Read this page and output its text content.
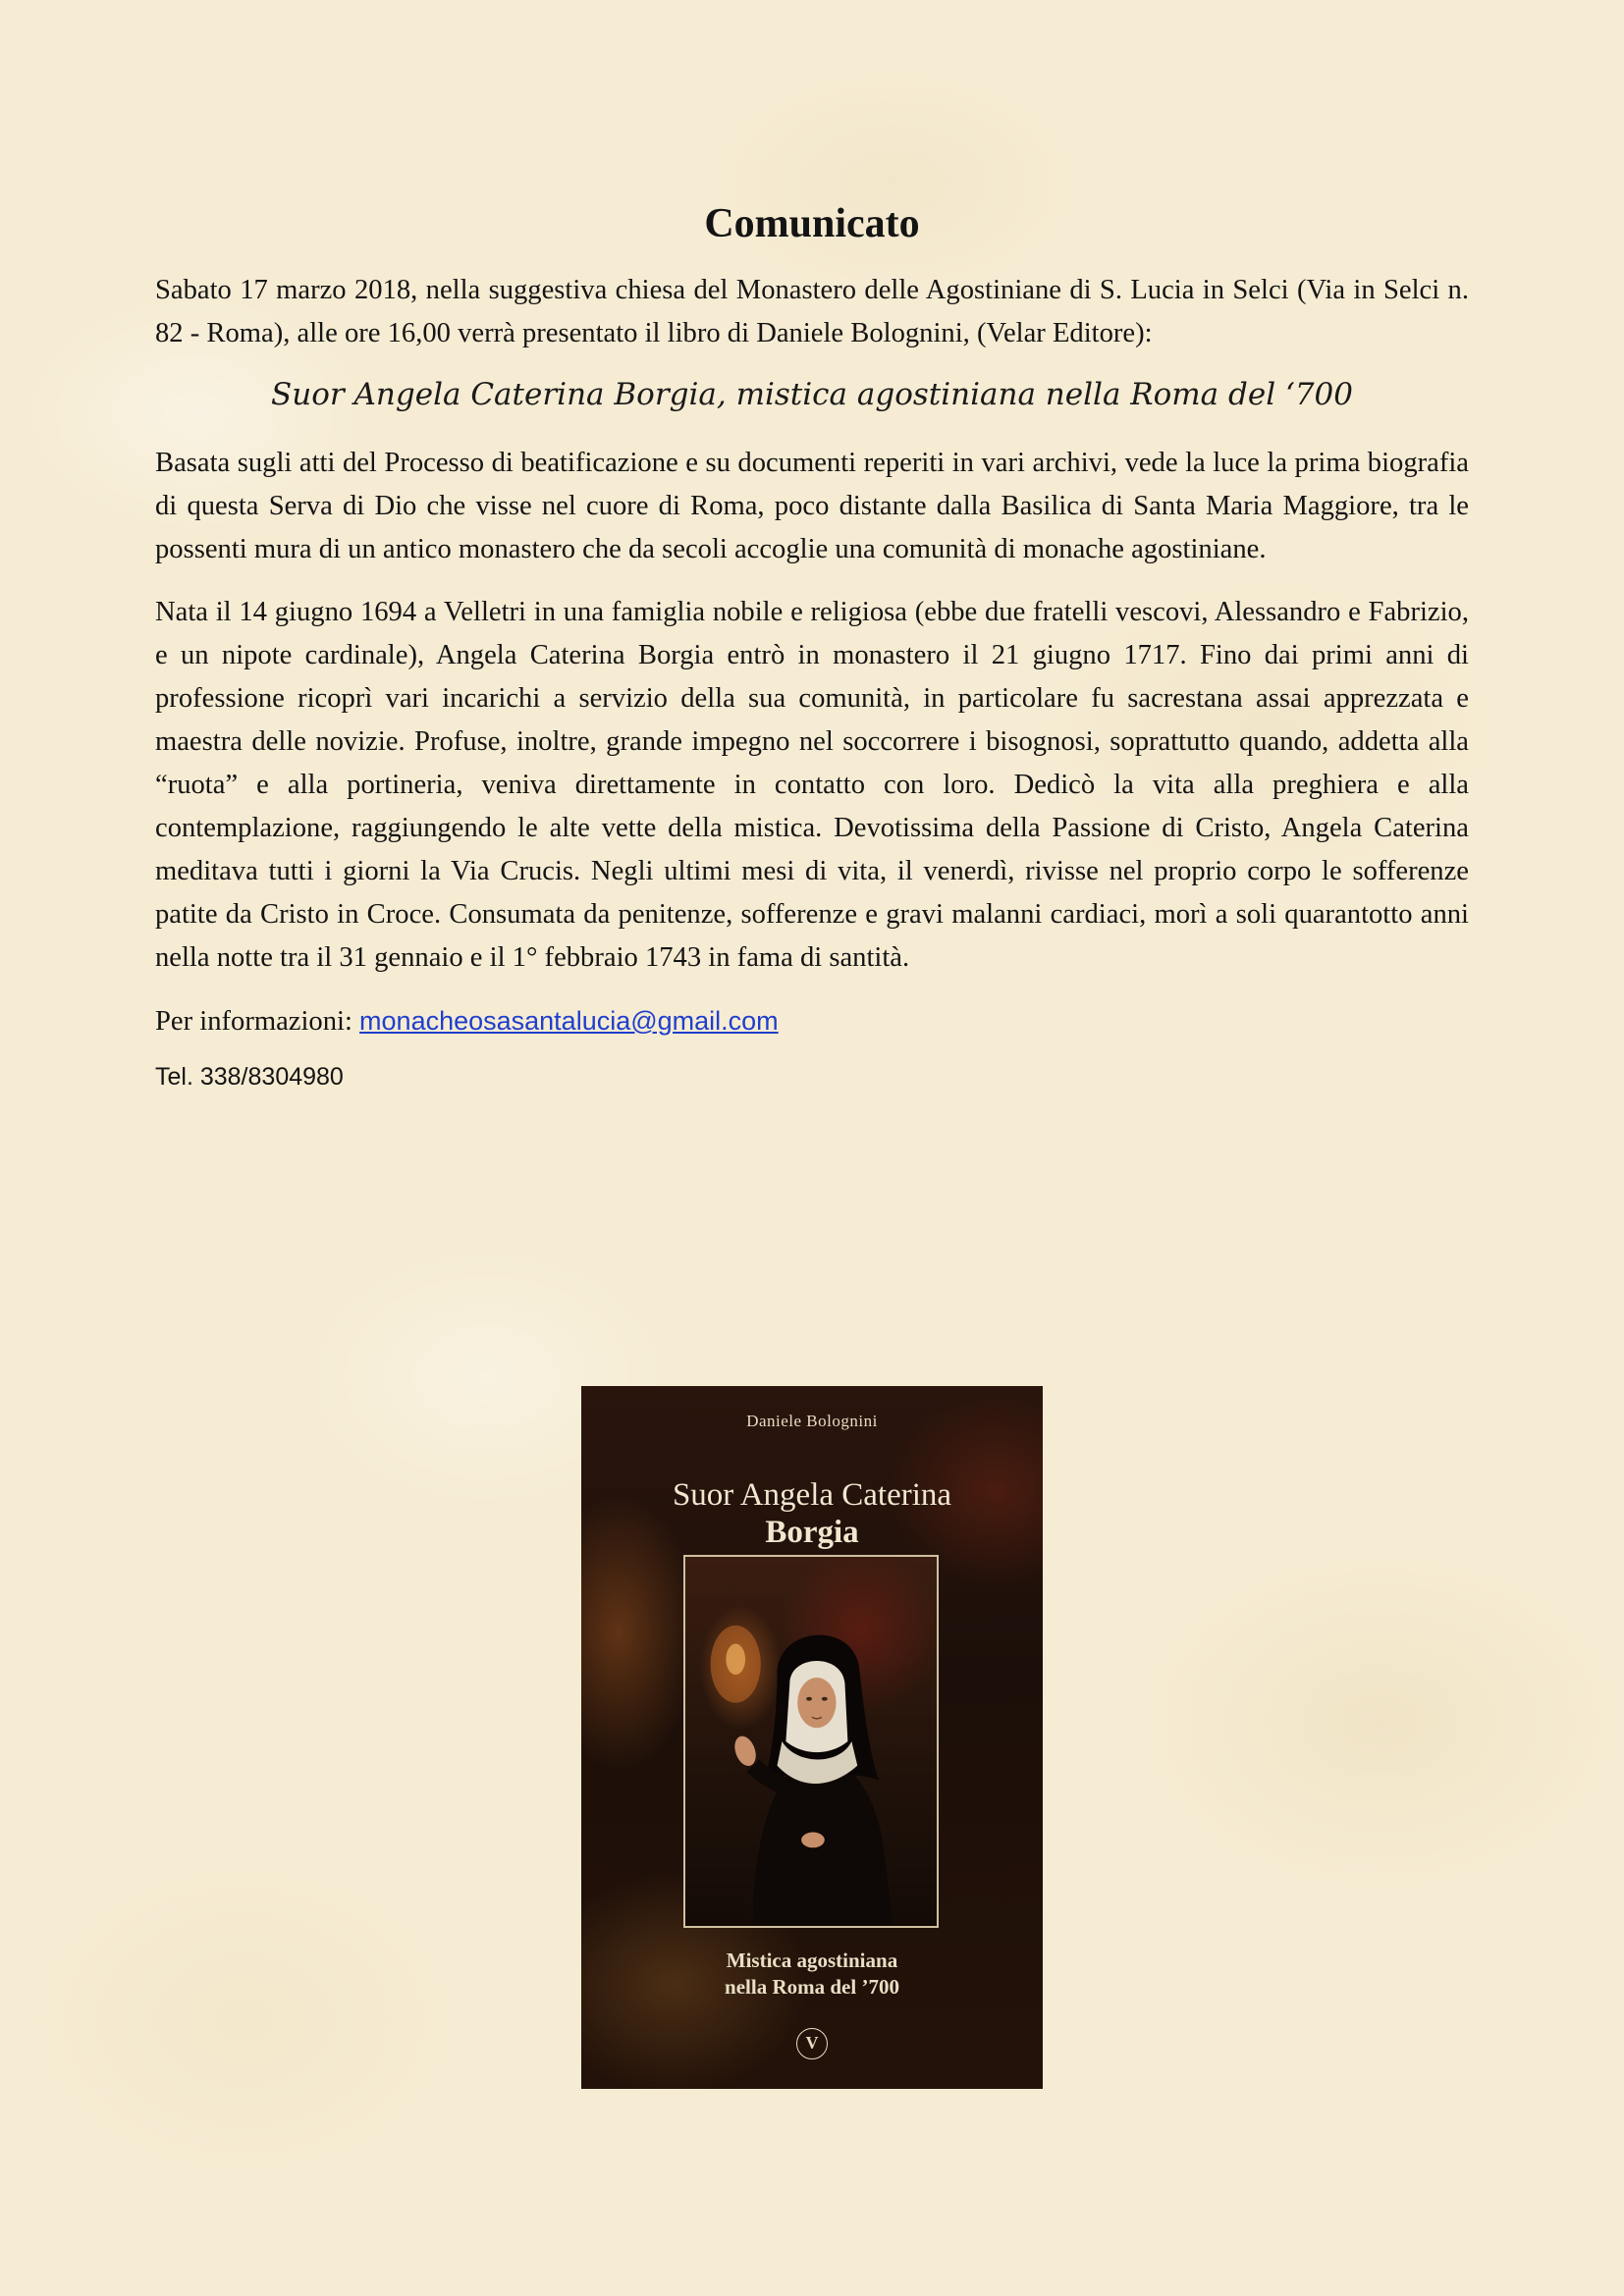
Comunicato

Sabato 17 marzo 2018, nella suggestiva chiesa del Monastero delle Agostiniane di S. Lucia in Selci (Via in Selci n. 82 - Roma), alle ore 16,00 verrà presentato il libro di Daniele Bolognini, (Velar Editore):

Suor Angela Caterina Borgia, mistica agostiniana nella Roma del ‘700

Basata sugli atti del Processo di beatificazione e su documenti reperiti in vari archivi, vede la luce la prima biografia di questa Serva di Dio che visse nel cuore di Roma, poco distante dalla Basilica di Santa Maria Maggiore, tra le possenti mura di un antico monastero che da secoli accoglie una comunità di monache agostiniane.

Nata il 14 giugno 1694 a Velletri in una famiglia nobile e religiosa (ebbe due fratelli vescovi, Alessandro e Fabrizio, e un nipote cardinale), Angela Caterina Borgia entrò in monastero il 21 giugno 1717. Fino dai primi anni di professione ricoprì vari incarichi a servizio della sua comunità, in particolare fu sacrestana assai apprezzata e maestra delle novizie. Profuse, inoltre, grande impegno nel soccorrere i bisognosi, soprattutto quando, addetta alla “ruota” e alla portineria, veniva direttamente in contatto con loro. Dedicò la vita alla preghiera e alla contemplazione, raggiungendo le alte vette della mistica. Devotissima della Passione di Cristo, Angela Caterina meditava tutti i giorni la Via Crucis. Negli ultimi mesi di vita, il venerdì, rivisse nel proprio corpo le sofferenze patite da Cristo in Croce. Consumata da penitenze, sofferenze e gravi malanni cardiaci, morì a soli quarantotto anni nella notte tra il 31 gennaio e il 1° febbraio 1743 in fama di santità.

Per informazioni: monacheosasantalucia@gmail.com

Tel. 338/8304980

Daniele Bolognini
Suor Angela Caterina
Borgia
Mistica agostiniana
nella Roma del ’700
V
